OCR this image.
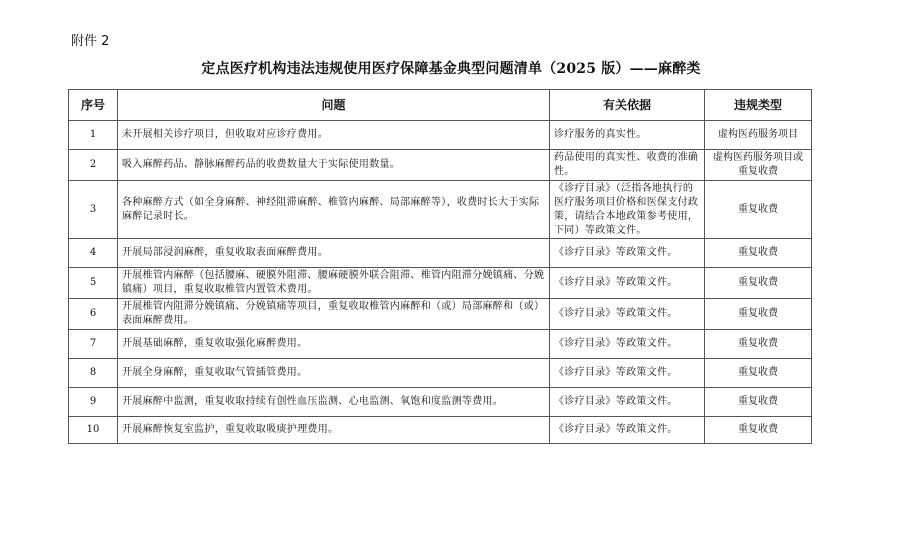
附件 2
定点医疗机构违法违规使用医疗保障基金典型问题清单（2025 版）——麻醉类
序号	问题	有关依据	违规类型
1	未开展相关诊疗项目，但收取对应诊疗费用。	诊疗服务的真实性。	虚构医药服务项目
2	吸入麻醉药品、静脉麻醉药品的收费数量大于实际使用数量。	药品使用的真实性、收费的准确性。	虚构医药服务项目或重复收费
3	各种麻醉方式（如全身麻醉、神经阻滞麻醉、椎管内麻醉、局部麻醉等），收费时长大于实际麻醉记录时长。	《诊疗目录》（泛指各地执行的医疗服务项目价格和医保支付政策，请结合本地政策参考使用，下同）等政策文件。	重复收费
4	开展局部浸润麻醉，重复收取表面麻醉费用。	《诊疗目录》等政策文件。	重复收费
5	开展椎管内麻醉（包括腰麻、硬膜外阻滞、腰麻硬膜外联合阻滞、椎管内阻滞分娩镇痛、分娩镇痛）项目，重复收取椎管内置管术费用。	《诊疗目录》等政策文件。	重复收费
6	开展椎管内阻滞分娩镇痛、分娩镇痛等项目，重复收取椎管内麻醉和（或）局部麻醉和（或）表面麻醉费用。	《诊疗目录》等政策文件。	重复收费
7	开展基础麻醉，重复收取强化麻醉费用。	《诊疗目录》等政策文件。	重复收费
8	开展全身麻醉，重复收取气管插管费用。	《诊疗目录》等政策文件。	重复收费
9	开展麻醉中监测，重复收取持续有创性血压监测、心电监测、氧饱和度监测等费用。	《诊疗目录》等政策文件。	重复收费
10	开展麻醉恢复室监护，重复收取吸痰护理费用。	《诊疗目录》等政策文件。	重复收费
